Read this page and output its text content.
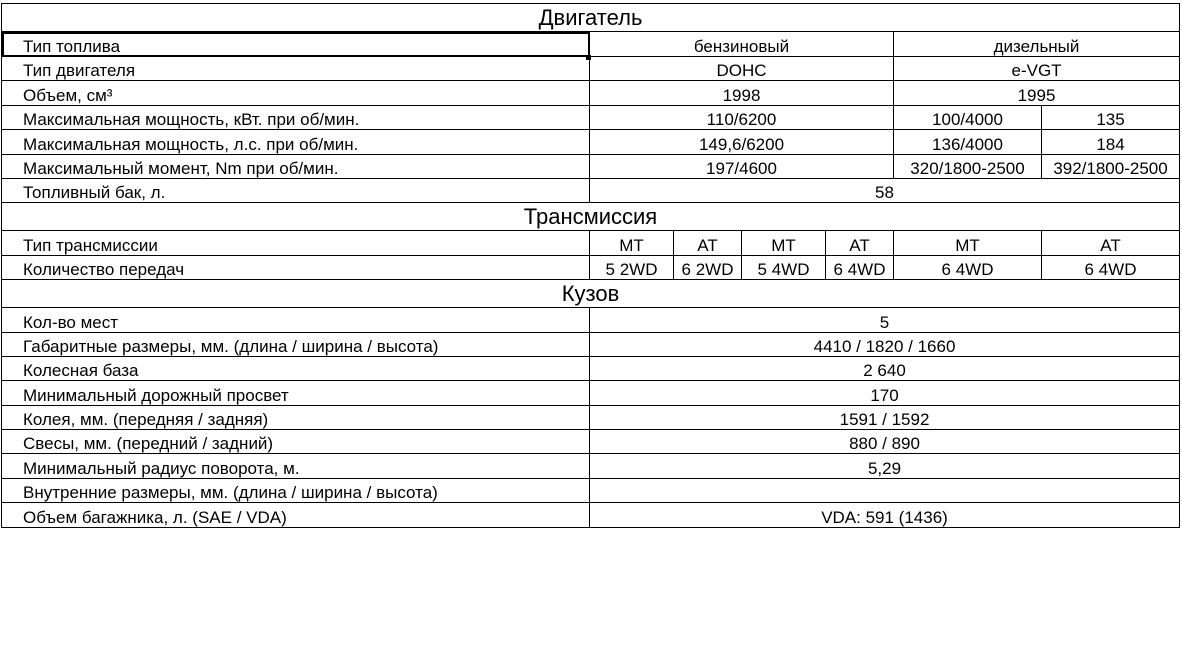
Двигатель						
Тип топлива	бензиновый				дизельный	
Тип двигателя	DOHC				e-VGT	
Объем, см³	1998				1995	
Максимальная мощность, кВт. при об/мин.	110/6200				100/4000	135
Максимальная мощность, л.с. при об/мин.	149,6/6200				136/4000	184
Максимальный момент, Nm при об/мин.	197/4600				320/1800-2500	392/1800-2500
Топливный бак, л.	58					
Трансмиссия						
Тип трансмиссии	MT	AT	MT	AT	MT	AT
Количество передач	5 2WD	6 2WD	5 4WD	6 4WD	6 4WD	6 4WD
Кузов						
Кол-во мест	5					
Габаритные размеры, мм. (длина / ширина / высота)	4410 / 1820 / 1660					
Колесная база	2 640					
Минимальный дорожный просвет	170					
Колея, мм. (передняя / задняя)	1591 / 1592					
Свесы, мм. (передний / задний)	880 / 890					
Минимальный радиус поворота, м.	5,29					
Внутренние размеры, мм. (длина / ширина / высота)						
Объем багажника, л. (SAE / VDA)	VDA: 591 (1436)					
